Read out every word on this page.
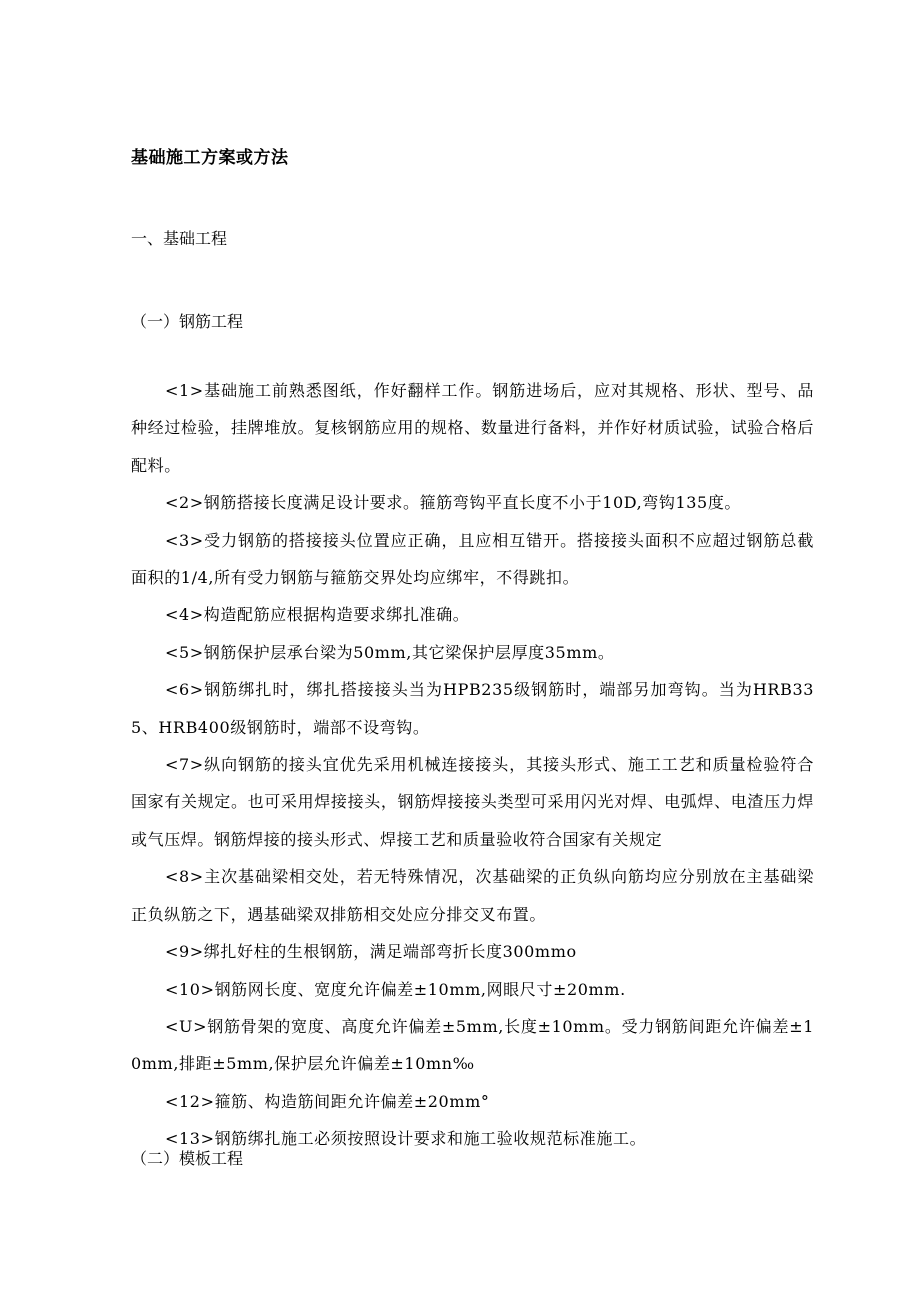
基础施工方案或方法
一、基础工程
（一）钢筋工程

<1>基础施工前熟悉图纸，作好翻样工作。钢筋进场后，应对其规格、形状、型号、品种经过检验，挂牌堆放。复核钢筋应用的规格、数量进行备料，并作好材质试验，试验合格后配料。

<2>钢筋搭接长度满足设计要求。箍筋弯钩平直长度不小于10D,弯钩135度。

<3>受力钢筋的搭接接头位置应正确，且应相互错开。搭接接头面积不应超过钢筋总截面积的1/4,所有受力钢筋与箍筋交界处均应绑牢，不得跳扣。

<4>构造配筋应根据构造要求绑扎准确。

<5>钢筋保护层承台梁为50mm,其它梁保护层厚度35mm。

<6>钢筋绑扎时，绑扎搭接接头当为HPB235级钢筋时，端部另加弯钩。当为HRB335、HRB400级钢筋时，端部不设弯钩。

<7>纵向钢筋的接头宜优先采用机械连接接头，其接头形式、施工工艺和质量检验符合国家有关规定。也可采用焊接接头，钢筋焊接接头类型可采用闪光对焊、电弧焊、电渣压力焊或气压焊。钢筋焊接的接头形式、焊接工艺和质量验收符合国家有关规定

<8>主次基础梁相交处，若无特殊情况，次基础梁的正负纵向筋均应分别放在主基础梁正负纵筋之下，遇基础梁双排筋相交处应分排交叉布置。

<9>绑扎好柱的生根钢筋，满足端部弯折长度300mmo

<10>钢筋网长度、宽度允许偏差±10mm,网眼尺寸±20mm.

<U>钢筋骨架的宽度、高度允许偏差±5mm,长度±10mm。受力钢筋间距允许偏差±10mm,排距±5mm,保护层允许偏差±10mn‰

<12>箍筋、构造筋间距允许偏差±20mm°

<13>钢筋绑扎施工必须按照设计要求和施工验收规范标准施工。

（二）模板工程
